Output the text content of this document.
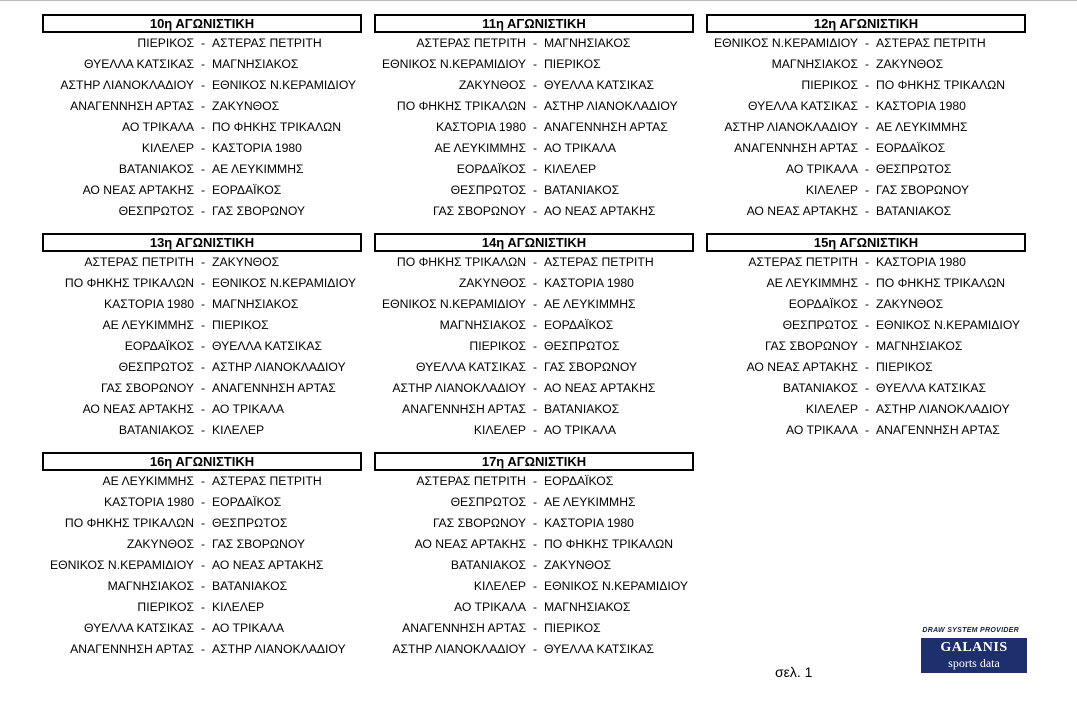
10η ΑΓΩΝΙΣΤΙΚΗ
ΠΙΕΡΙΚΟΣ - ΑΣΤΕΡΑΣ ΠΕΤΡΙΤΗ
ΘΥΕΛΛΑ ΚΑΤΣΙΚΑΣ - ΜΑΓΝΗΣΙΑΚΟΣ
ΑΣΤΗΡ ΛΙΑΝΟΚΛΑΔΙΟΥ - ΕΘΝΙΚΟΣ Ν.ΚΕΡΑΜΙΔΙΟΥ
ΑΝΑΓΕΝΝΗΣΗ ΑΡΤΑΣ - ΖΑΚΥΝΘΟΣ
ΑΟ ΤΡΙΚΑΛΑ - ΠΟ ΦΗΚΗΣ ΤΡΙΚΑΛΩΝ
ΚΙΛΕΛΕΡ - ΚΑΣΤΟΡΙΑ 1980
ΒΑΤΑΝΙΑΚΟΣ - ΑΕ ΛΕΥΚΙΜΜΗΣ
ΑΟ ΝΕΑΣ ΑΡΤΑΚΗΣ - ΕΟΡΔΑΪΚΟΣ
ΘΕΣΠΡΩΤΟΣ - ΓΑΣ ΣΒΟΡΩΝΟΥ
11η ΑΓΩΝΙΣΤΙΚΗ
ΑΣΤΕΡΑΣ ΠΕΤΡΙΤΗ - ΜΑΓΝΗΣΙΑΚΟΣ
ΕΘΝΙΚΟΣ Ν.ΚΕΡΑΜΙΔΙΟΥ - ΠΙΕΡΙΚΟΣ
ΖΑΚΥΝΘΟΣ - ΘΥΕΛΛΑ ΚΑΤΣΙΚΑΣ
ΠΟ ΦΗΚΗΣ ΤΡΙΚΑΛΩΝ - ΑΣΤΗΡ ΛΙΑΝΟΚΛΑΔΙΟΥ
ΚΑΣΤΟΡΙΑ 1980 - ΑΝΑΓΕΝΝΗΣΗ ΑΡΤΑΣ
ΑΕ ΛΕΥΚΙΜΜΗΣ - ΑΟ ΤΡΙΚΑΛΑ
ΕΟΡΔΑΪΚΟΣ - ΚΙΛΕΛΕΡ
ΘΕΣΠΡΩΤΟΣ - ΒΑΤΑΝΙΑΚΟΣ
ΓΑΣ ΣΒΟΡΩΝΟΥ - ΑΟ ΝΕΑΣ ΑΡΤΑΚΗΣ
12η ΑΓΩΝΙΣΤΙΚΗ
ΕΘΝΙΚΟΣ Ν.ΚΕΡΑΜΙΔΙΟΥ - ΑΣΤΕΡΑΣ ΠΕΤΡΙΤΗ
ΜΑΓΝΗΣΙΑΚΟΣ - ΖΑΚΥΝΘΟΣ
ΠΙΕΡΙΚΟΣ - ΠΟ ΦΗΚΗΣ ΤΡΙΚΑΛΩΝ
ΘΥΕΛΛΑ ΚΑΤΣΙΚΑΣ - ΚΑΣΤΟΡΙΑ 1980
ΑΣΤΗΡ ΛΙΑΝΟΚΛΑΔΙΟΥ - ΑΕ ΛΕΥΚΙΜΜΗΣ
ΑΝΑΓΕΝΝΗΣΗ ΑΡΤΑΣ - ΕΟΡΔΑΪΚΟΣ
ΑΟ ΤΡΙΚΑΛΑ - ΘΕΣΠΡΩΤΟΣ
ΚΙΛΕΛΕΡ - ΓΑΣ ΣΒΟΡΩΝΟΥ
ΑΟ ΝΕΑΣ ΑΡΤΑΚΗΣ - ΒΑΤΑΝΙΑΚΟΣ
13η ΑΓΩΝΙΣΤΙΚΗ
ΑΣΤΕΡΑΣ ΠΕΤΡΙΤΗ - ΖΑΚΥΝΘΟΣ
ΠΟ ΦΗΚΗΣ ΤΡΙΚΑΛΩΝ - ΕΘΝΙΚΟΣ Ν.ΚΕΡΑΜΙΔΙΟΥ
ΚΑΣΤΟΡΙΑ 1980 - ΜΑΓΝΗΣΙΑΚΟΣ
ΑΕ ΛΕΥΚΙΜΜΗΣ - ΠΙΕΡΙΚΟΣ
ΕΟΡΔΑΪΚΟΣ - ΘΥΕΛΛΑ ΚΑΤΣΙΚΑΣ
ΘΕΣΠΡΩΤΟΣ - ΑΣΤΗΡ ΛΙΑΝΟΚΛΑΔΙΟΥ
ΓΑΣ ΣΒΟΡΩΝΟΥ - ΑΝΑΓΕΝΝΗΣΗ ΑΡΤΑΣ
ΑΟ ΝΕΑΣ ΑΡΤΑΚΗΣ - ΑΟ ΤΡΙΚΑΛΑ
ΒΑΤΑΝΙΑΚΟΣ - ΚΙΛΕΛΕΡ
14η ΑΓΩΝΙΣΤΙΚΗ
ΠΟ ΦΗΚΗΣ ΤΡΙΚΑΛΩΝ - ΑΣΤΕΡΑΣ ΠΕΤΡΙΤΗ
ΖΑΚΥΝΘΟΣ - ΚΑΣΤΟΡΙΑ 1980
ΕΘΝΙΚΟΣ Ν.ΚΕΡΑΜΙΔΙΟΥ - ΑΕ ΛΕΥΚΙΜΜΗΣ
ΜΑΓΝΗΣΙΑΚΟΣ - ΕΟΡΔΑΪΚΟΣ
ΠΙΕΡΙΚΟΣ - ΘΕΣΠΡΩΤΟΣ
ΘΥΕΛΛΑ ΚΑΤΣΙΚΑΣ - ΓΑΣ ΣΒΟΡΩΝΟΥ
ΑΣΤΗΡ ΛΙΑΝΟΚΛΑΔΙΟΥ - ΑΟ ΝΕΑΣ ΑΡΤΑΚΗΣ
ΑΝΑΓΕΝΝΗΣΗ ΑΡΤΑΣ - ΒΑΤΑΝΙΑΚΟΣ
ΚΙΛΕΛΕΡ - ΑΟ ΤΡΙΚΑΛΑ
15η ΑΓΩΝΙΣΤΙΚΗ
ΑΣΤΕΡΑΣ ΠΕΤΡΙΤΗ - ΚΑΣΤΟΡΙΑ 1980
ΑΕ ΛΕΥΚΙΜΜΗΣ - ΠΟ ΦΗΚΗΣ ΤΡΙΚΑΛΩΝ
ΕΟΡΔΑΪΚΟΣ - ΖΑΚΥΝΘΟΣ
ΘΕΣΠΡΩΤΟΣ - ΕΘΝΙΚΟΣ Ν.ΚΕΡΑΜΙΔΙΟΥ
ΓΑΣ ΣΒΟΡΩΝΟΥ - ΜΑΓΝΗΣΙΑΚΟΣ
ΑΟ ΝΕΑΣ ΑΡΤΑΚΗΣ - ΠΙΕΡΙΚΟΣ
ΒΑΤΑΝΙΑΚΟΣ - ΘΥΕΛΛΑ ΚΑΤΣΙΚΑΣ
ΚΙΛΕΛΕΡ - ΑΣΤΗΡ ΛΙΑΝΟΚΛΑΔΙΟΥ
ΑΟ ΤΡΙΚΑΛΑ - ΑΝΑΓΕΝΝΗΣΗ ΑΡΤΑΣ
16η ΑΓΩΝΙΣΤΙΚΗ
ΑΕ ΛΕΥΚΙΜΜΗΣ - ΑΣΤΕΡΑΣ ΠΕΤΡΙΤΗ
ΚΑΣΤΟΡΙΑ 1980 - ΕΟΡΔΑΪΚΟΣ
ΠΟ ΦΗΚΗΣ ΤΡΙΚΑΛΩΝ - ΘΕΣΠΡΩΤΟΣ
ΖΑΚΥΝΘΟΣ - ΓΑΣ ΣΒΟΡΩΝΟΥ
ΕΘΝΙΚΟΣ Ν.ΚΕΡΑΜΙΔΙΟΥ - ΑΟ ΝΕΑΣ ΑΡΤΑΚΗΣ
ΜΑΓΝΗΣΙΑΚΟΣ - ΒΑΤΑΝΙΑΚΟΣ
ΠΙΕΡΙΚΟΣ - ΚΙΛΕΛΕΡ
ΘΥΕΛΛΑ ΚΑΤΣΙΚΑΣ - ΑΟ ΤΡΙΚΑΛΑ
ΑΝΑΓΕΝΝΗΣΗ ΑΡΤΑΣ - ΑΣΤΗΡ ΛΙΑΝΟΚΛΑΔΙΟΥ
17η ΑΓΩΝΙΣΤΙΚΗ
ΑΣΤΕΡΑΣ ΠΕΤΡΙΤΗ - ΕΟΡΔΑΪΚΟΣ
ΘΕΣΠΡΩΤΟΣ - ΑΕ ΛΕΥΚΙΜΜΗΣ
ΓΑΣ ΣΒΟΡΩΝΟΥ - ΚΑΣΤΟΡΙΑ 1980
ΑΟ ΝΕΑΣ ΑΡΤΑΚΗΣ - ΠΟ ΦΗΚΗΣ ΤΡΙΚΑΛΩΝ
ΒΑΤΑΝΙΑΚΟΣ - ΖΑΚΥΝΘΟΣ
ΚΙΛΕΛΕΡ - ΕΘΝΙΚΟΣ Ν.ΚΕΡΑΜΙΔΙΟΥ
ΑΟ ΤΡΙΚΑΛΑ - ΜΑΓΝΗΣΙΑΚΟΣ
ΑΝΑΓΕΝΝΗΣΗ ΑΡΤΑΣ - ΠΙΕΡΙΚΟΣ
ΑΣΤΗΡ ΛΙΑΝΟΚΛΑΔΙΟΥ - ΘΥΕΛΛΑ ΚΑΤΣΙΚΑΣ
DRAW SYSTEM PROVIDER
GALANIS
sports data
σελ. 1
